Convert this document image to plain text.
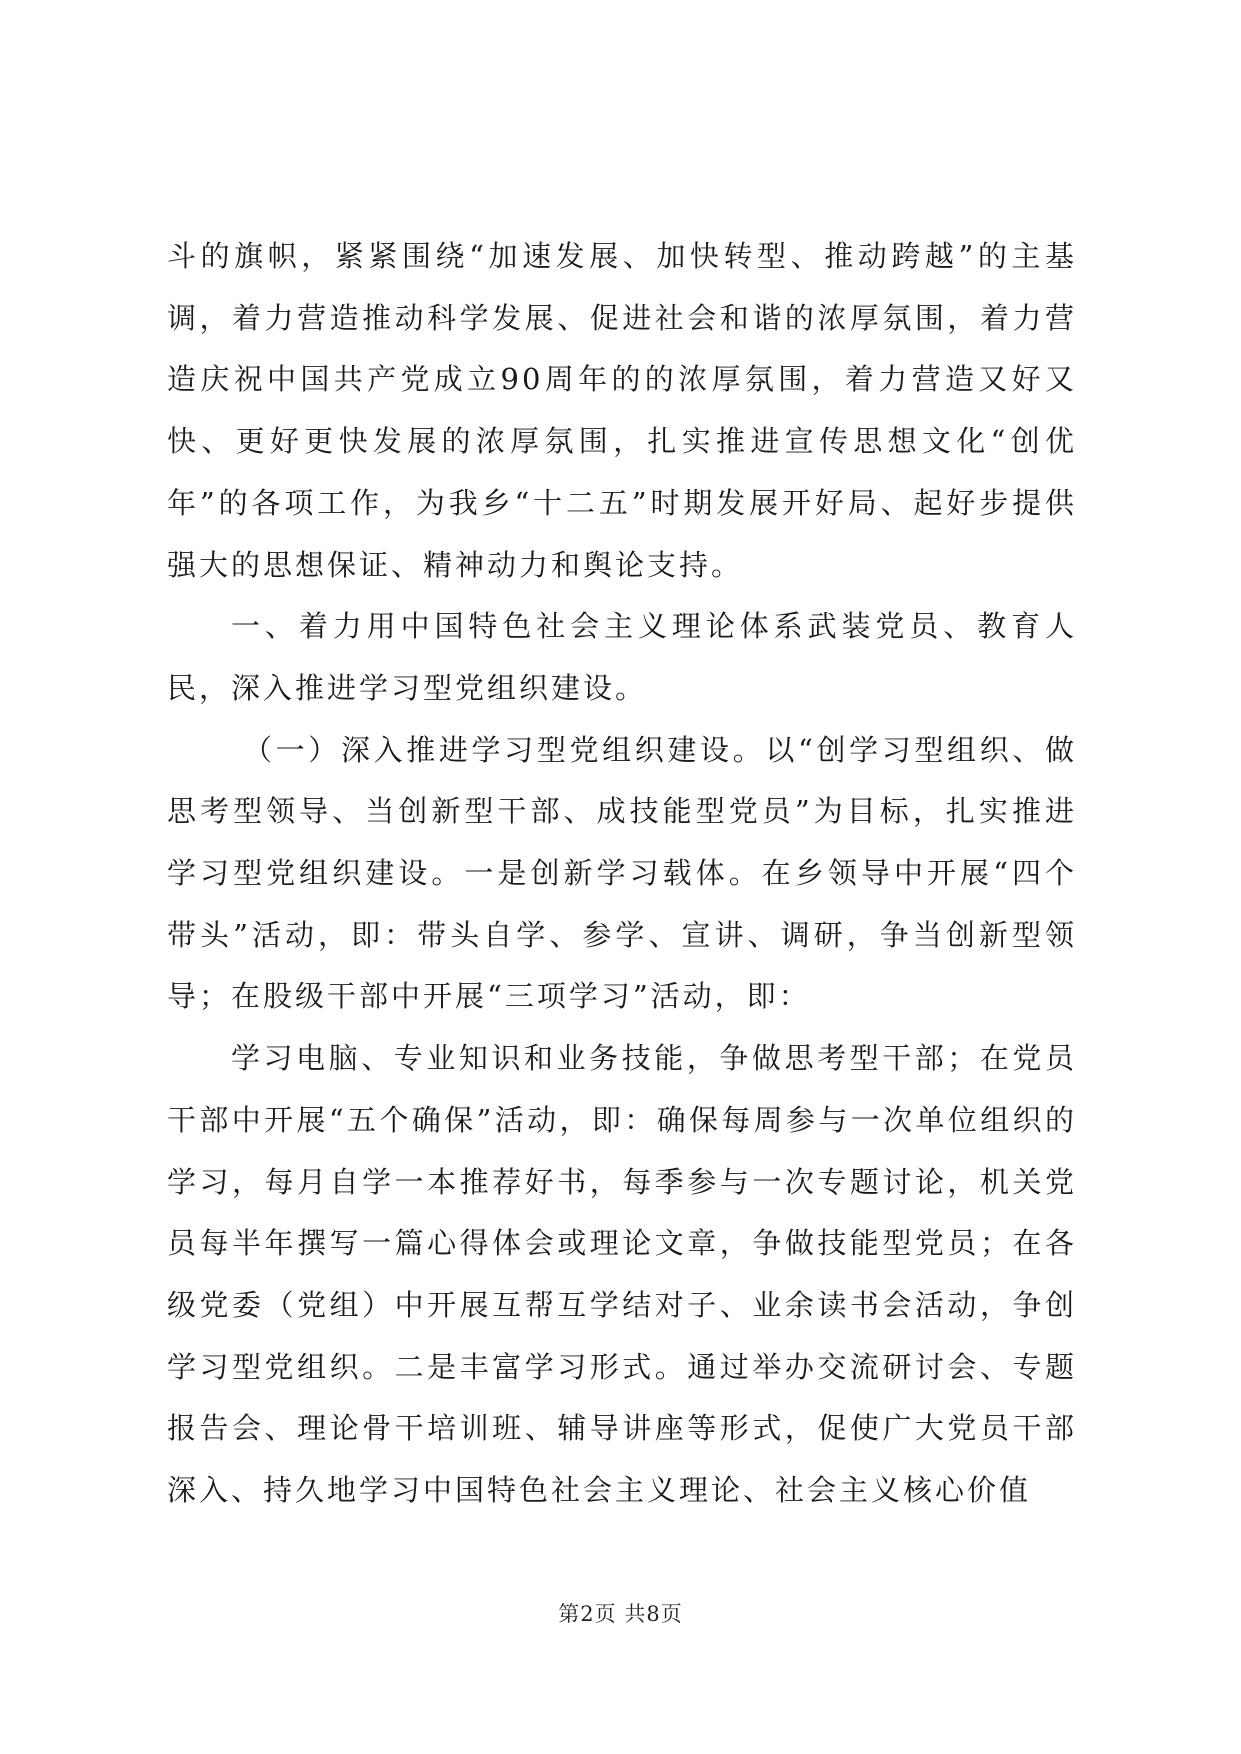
斗的旗帜，紧紧围绕“加速发展、加快转型、推动跨越”的主基调，着力营造推动科学发展、促进社会和谐的浓厚氛围，着力营造庆祝中国共产党成立90周年的的浓厚氛围，着力营造又好又快、更好更快发展的浓厚氛围，扎实推进宣传思想文化“创优年”的各项工作，为我乡“十二五”时期发展开好局、起好步提供强大的思想保证、精神动力和舆论支持。

一、着力用中国特色社会主义理论体系武装党员、教育人民，深入推进学习型党组织建设。

（一）深入推进学习型党组织建设。以“创学习型组织、做思考型领导、当创新型干部、成技能型党员”为目标，扎实推进学习型党组织建设。一是创新学习载体。在乡领导中开展“四个带头”活动，即：带头自学、参学、宣讲、调研，争当创新型领导；在股级干部中开展“三项学习”活动，即：

学习电脑、专业知识和业务技能，争做思考型干部；在党员干部中开展“五个确保”活动，即：确保每周参与一次单位组织的学习，每月自学一本推荐好书，每季参与一次专题讨论，机关党员每半年撰写一篇心得体会或理论文章，争做技能型党员；在各级党委（党组）中开展互帮互学结对子、业余读书会活动，争创学习型党组织。二是丰富学习形式。通过举办交流研讨会、专题报告会、理论骨干培训班、辅导讲座等形式，促使广大党员干部深入、持久地学习中国特色社会主义理论、社会主义核心价值

第2页 共8页
